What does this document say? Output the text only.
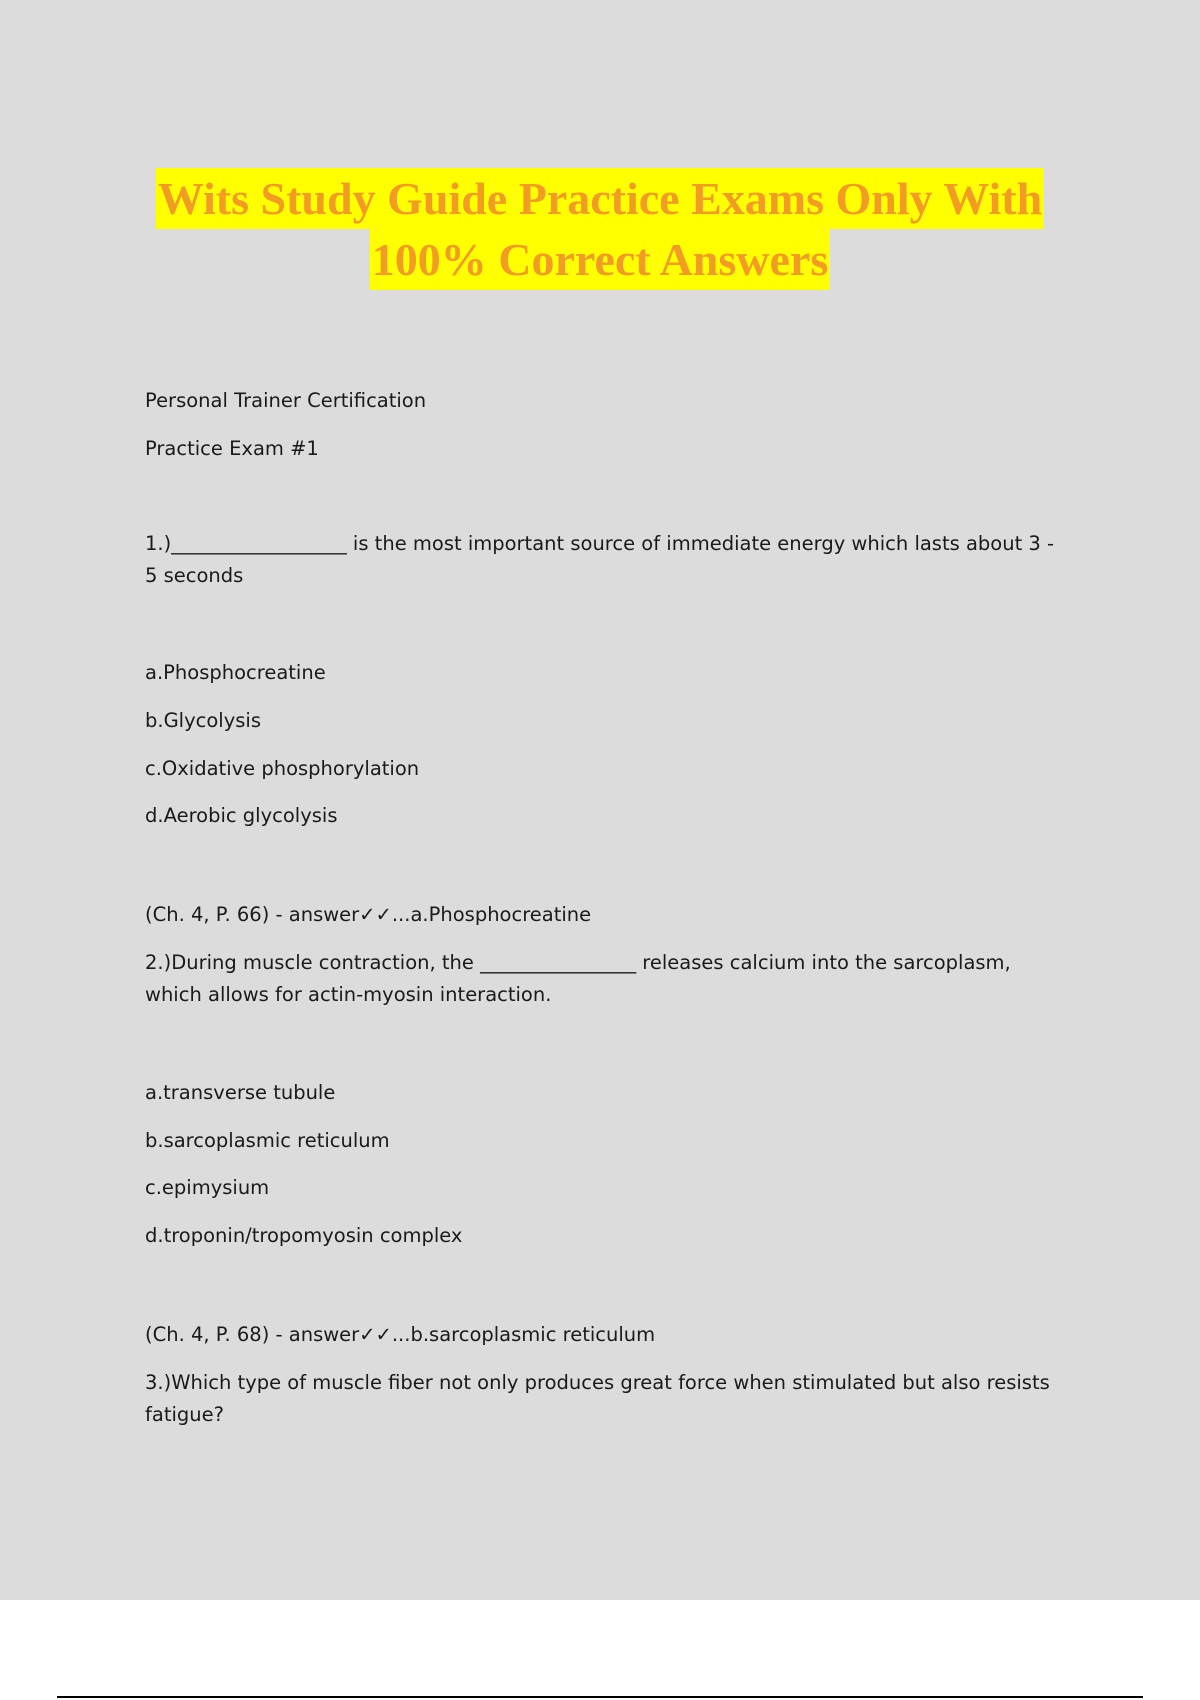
Wits Study Guide Practice Exams Only With
100% Correct Answers

Personal Trainer Certification

Practice Exam #1

1.)__________________ is the most important source of immediate energy which lasts about 3 -

5 seconds

a.Phosphocreatine

b.Glycolysis

c.Oxidative phosphorylation

d.Aerobic glycolysis

(Ch. 4, P. 66) - answer✓✓...a.Phosphocreatine

2.)During muscle contraction, the ________________ releases calcium into the sarcoplasm,

which allows for actin-myosin interaction.

a.transverse tubule

b.sarcoplasmic reticulum

c.epimysium

d.troponin/tropomyosin complex

(Ch. 4, P. 68) - answer✓✓...b.sarcoplasmic reticulum

3.)Which type of muscle fiber not only produces great force when stimulated but also resists

fatigue?
